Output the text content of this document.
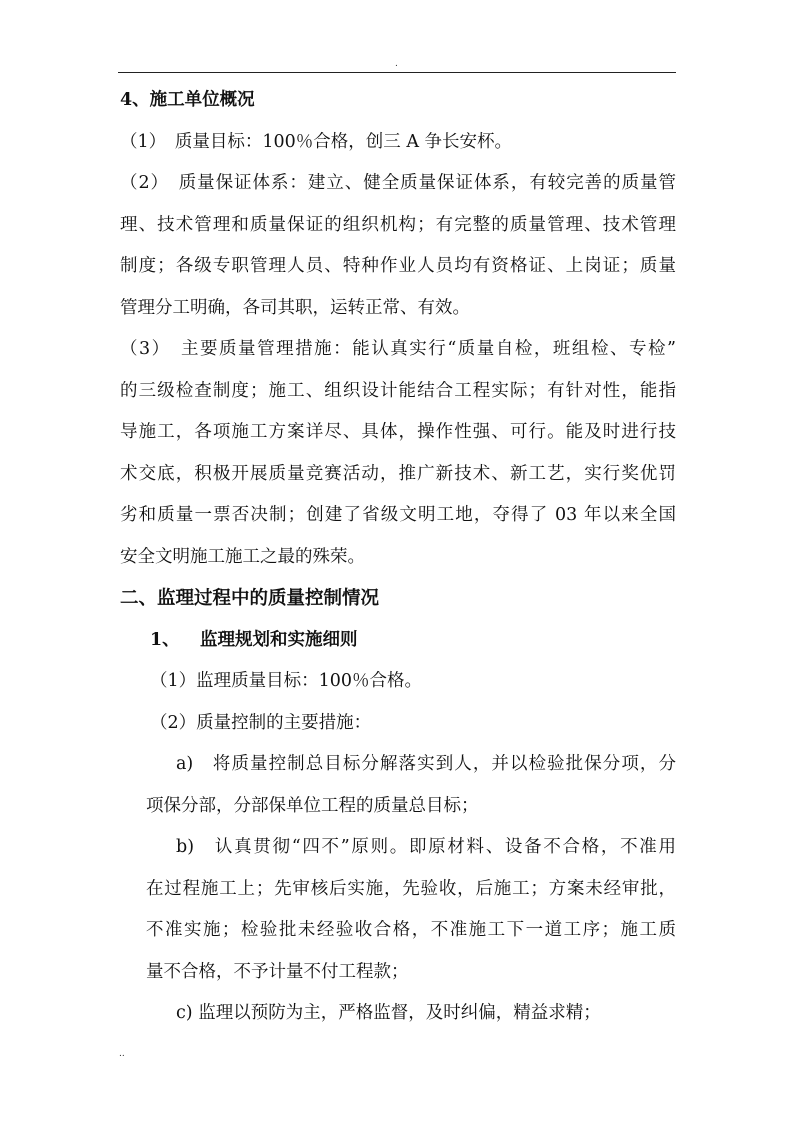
.
4、施工单位概况
（1）　质量目标：100％合格，创三 A 争长安杯。
（2）　质量保证体系：建立、健全质量保证体系，有较完善的质量管
理、技术管理和质量保证的组织机构；有完整的质量管理、技术管理
制度；各级专职管理人员、特种作业人员均有资格证、上岗证；质量
管理分工明确，各司其职，运转正常、有效。
（3）　主要质量管理措施：能认真实行“质量自检，班组检、专检”
的三级检查制度；施工、组织设计能结合工程实际；有针对性，能指
导施工，各项施工方案详尽、具体，操作性强、可行。能及时进行技
术交底，积极开展质量竞赛活动，推广新技术、新工艺，实行奖优罚
劣和质量一票否决制；创建了省级文明工地，夺得了 03 年以来全国
安全文明施工施工之最的殊荣。
二、监理过程中的质量控制情况
1、 监理规划和实施细则
（1）监理质量目标：100％合格。
（2）质量控制的主要措施：
a)　将质量控制总目标分解落实到人，并以检验批保分项，分
项保分部，分部保单位工程的质量总目标；
b)　认真贯彻“四不”原则。即原材料、设备不合格，不准用
在过程施工上；先审核后实施，先验收，后施工；方案未经审批，
不准实施；检验批未经验收合格，不准施工下一道工序；施工质
量不合格，不予计量不付工程款；
c) 监理以预防为主，严格监督，及时纠偏，精益求精；
..
